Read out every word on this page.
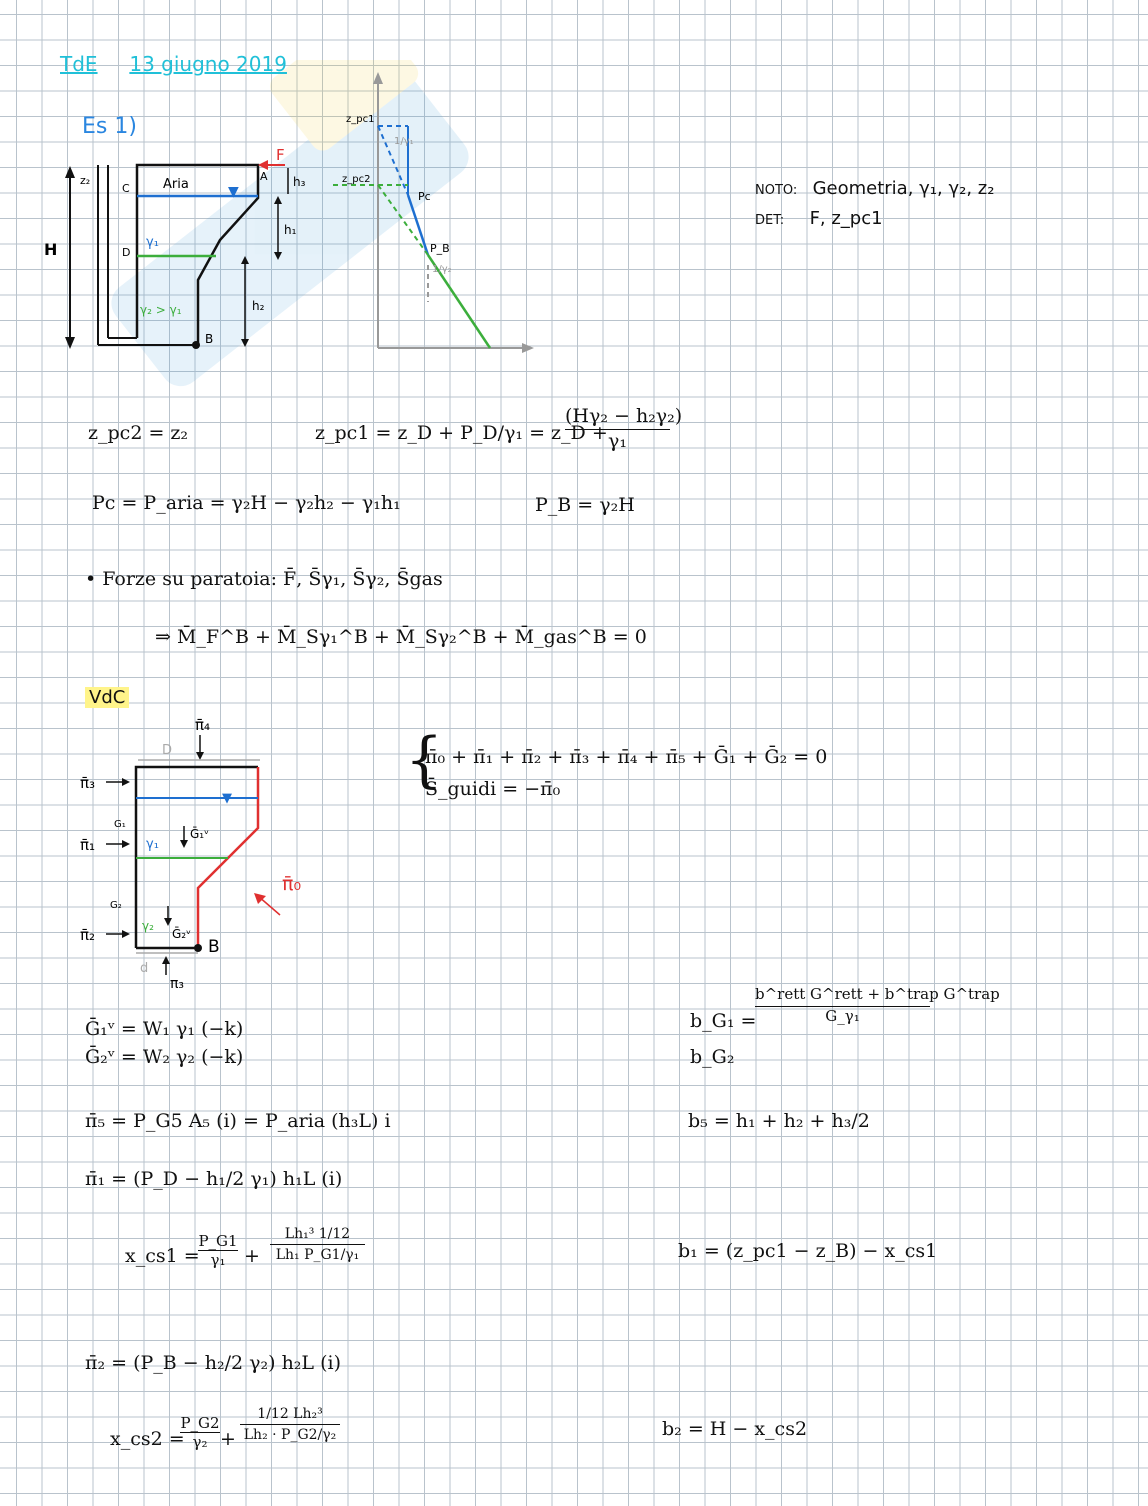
TdE 13 giugno 2019
Es 1)
NOTO: Geometria, γ₁, γ₂, z₂
DET: F, z_pc1
H
z₂
▼
C
D
A
Aria
γ₁
γ₂ > γ₁
B
F
h₃
h₁
h₂
z_pc1
z_pc2
Pc
P_B
1/γ₁
1/γ₂
z_pc2 = z₂	z_pc1 = z_D + P_D/γ₁ = z_D +
(Hγ₂ − h₂γ₂)
γ₁
Pc = P_aria = γ₂H − γ₂h₂ − γ₁h₁	P_B = γ₂H
• Forze su paratoia: F̄, S̄γ₁, S̄γ₂, S̄gas
⇒ M̄_F^B + M̄_Sγ₁^B + M̄_Sγ₂^B + M̄_gas^B = 0
VdC
π̄₄
D
▼
π̄₃
G₁
γ₁
Ḡ₁ᵛ
π̄₁
G₂
γ₂
Ḡ₂ᵛ
π̄₂
B
d
π₃
π̄₀
{
π̄₀ + π̄₁ + π̄₂ + π̄₃ + π̄₄ + π̄₅ + Ḡ₁ + Ḡ₂ = 0
S̄_guidi = −π̄₀
Ḡ₁ᵛ = W₁ γ₁ (−k)
Ḡ₂ᵛ = W₂ γ₂ (−k)
b_G₁ =
b^rett G^rett + b^trap G^trap
G_γ₁
b_G₂
π̄₅ = P_G5 A₅ (i) = P_aria (h₃L) i	b₅ = h₁ + h₂ + h₃/2
π̄₁ = (P_D − h₁/2 γ₁) h₁L (i)
x_cs1 =
P_G1
γ₁ +
Lh₁³ 1/12
Lh₁ P_G1/γ₁	b₁ = (z_pc1 − z_B) − x_cs1
π̄₂ = (P_B − h₂/2 γ₂) h₂L (i)
x_cs2 =
P_G2
γ₂ +
1/12 Lh₂³
Lh₂ · P_G2/γ₂	b₂ = H − x_cs2
